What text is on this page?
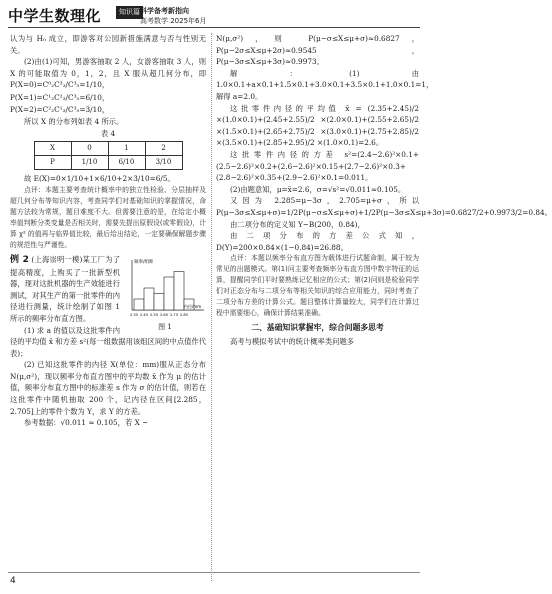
中学生数理化	知识篇 科学备考新指向
高考数学 2025年6月

认为与 H₀ 成立，即游客对公园新措施满意与否与性别无关。

(2)由(1)可知，男游客抽取 2 人，女游客抽取 3 人，则 X 的可能取值为 0，1，2，且 X 服从超几何分布，即 P(X=0)=C⁰₂C³₃/C³₅=1/10，

P(X=1)=C¹₂C²₃/C³₅=6/10，P(X=2)=C²₂C¹₃/C³₅=3/10，

所以 X 的分布列如表 4 所示。

表 4
X	0	1	2
P	1/10	6/10	3/10

故 E(X)=0×1/10+1×6/10+2×3/10=6/5。

点评：本题主要考查统计概率中的独立性检验、分层抽样及超几何分布等知识内容，考查同学们对基础知识的掌握情况，命题方法较为常规，题目难度不大。但需要注意的是，在给定小概率值判断分类变量是否相关时，需要先提出原假设(或零假设)，计算 χ² 的值再与临界值比较，最后给出结论，一定要确保解题步骤的规范性与严谨性。

频率/组距
内径/mm
2.35 2.45 2.55 2.65 2.75 2.85
图 1

例 2 (上海崇明一模)某工厂为了提高精度，上购买了一批新型机器，现对这批机器的生产效能进行测试，对其生产的第一批零件的内径进行测量，统计绘制了如图 1 所示的频率分布直方图。

(1) 求 a 的值以及这批零件内径的平均值 x̄ 和方差 s²(每一组数据用该组区间的中点值作代表)；

(2) 已知这批零件的内径 X(单位：mm)服从正态分布 N(μ,σ²)，现以频率分布直方图中的平均数 x̄ 作为 μ 的估计值，频率分布直方图中的标准差 s 作为 σ 的估计值，则若在这批零件中随机抽取 200 个，记内径在区间[2.285，2.705]上的零件个数为 Y，求 Y 的方差。

参考数据：√0.011 ≈ 0.105，若 X ~

N(μ,σ²)，则 P(μ−σ≤X≤μ+σ)≈0.6827，P(μ−2σ≤X≤μ+2σ)≈0.9545，P(μ−3σ≤X≤μ+3σ)≈0.9973。

解：(1)由 1.0×0.1+a×0.1+1.5×0.1+3.0×0.1+3.5×0.1+1.0×0.1=1，解得 a=2.0。

这批零件内径的平均值 x̄ = (2.35+2.45)/2 ×(1.0×0.1)+(2.45+2.55)/2 ×(2.0×0.1)+(2.55+2.65)/2 ×(1.5×0.1)+(2.65+2.75)/2 ×(3.0×0.1)+(2.75+2.85)/2 ×(3.5×0.1)+(2.85+2.95)/2 ×(1.0×0.1)=2.6。

这批零件内径的方差 s²=(2.4−2.6)²×0.1+(2.5−2.6)²×0.2+(2.6−2.6)²×0.15+(2.7−2.6)²×0.3+(2.8−2.6)²×0.35+(2.9−2.6)²×0.1=0.011。

(2)由题意知，μ=x̄=2.6，σ=√s²=√0.011≈0.105。

又因为 2.285=μ−3σ，2.705=μ+σ，所以 P(μ−3σ≤X≤μ+σ)=1/2P(μ−σ≤X≤μ+σ)+1/2P(μ−3σ≤X≤μ+3σ)=0.6827/2+0.9973/2=0.84。

由二项分布的定义知 Y~B(200，0.84)，

由二项分布的方差公式知，D(Y)=200×0.84×(1−0.84)=26.88。

点评：本题以频率分布直方图为载体进行试题命制，属于较为常见的出题模式。第(1)问主要考查频率分布直方图中数字特征的运算，提醒同学们平时要熟练记忆相应的公式；第(2)问则是检验同学们对正态分布与二项分布等相关知识的综合应用能力，同时考查了二项分布方差的计算公式。题目整体计算量较大，同学们在计算过程中需要细心，确保计算结果准确。

二、基础知识掌握牢，综合问题多思考

高考与模拟考试中的统计概率类问题多

4
